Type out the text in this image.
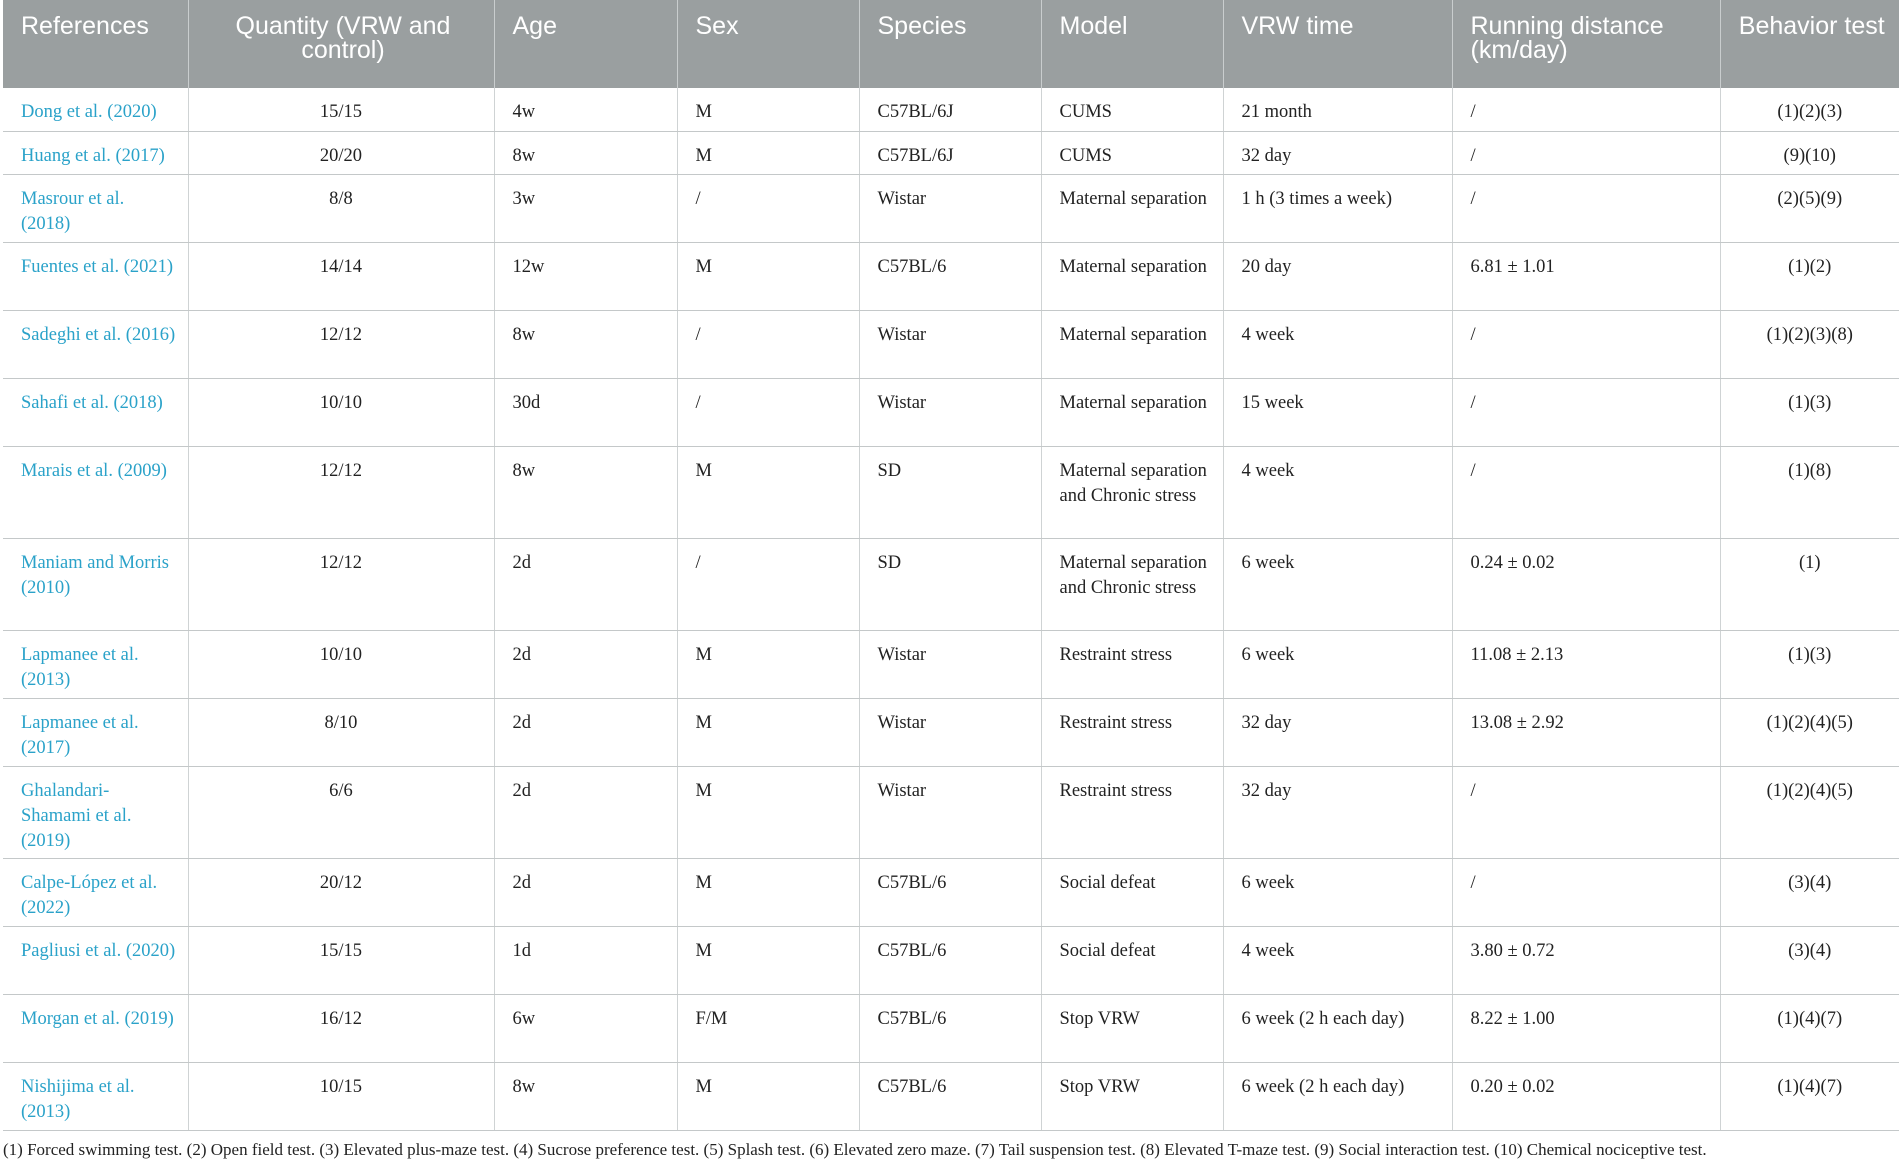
References	Quantity (VRW and control)	Age	Sex	Species	Model	VRW time	Running distance (km/day)	Behavior test
Dong et al. (2020)	15/15	4w	M	C57BL/6J	CUMS	21 month	/	(1)(2)(3)
Huang et al. (2017)	20/20	8w	M	C57BL/6J	CUMS	32 day	/	(9)(10)
Masrour et al. (2018)	8/8	3w	/	Wistar	Maternal separation	1 h (3 times a week)	/	(2)(5)(9)
Fuentes et al. (2021)	14/14	12w	M	C57BL/6	Maternal separation	20 day	6.81 ± 1.01	(1)(2)
Sadeghi et al. (2016)	12/12	8w	/	Wistar	Maternal separation	4 week	/	(1)(2)(3)(8)
Sahafi et al. (2018)	10/10	30d	/	Wistar	Maternal separation	15 week	/	(1)(3)
Marais et al. (2009)	12/12	8w	M	SD	Maternal separation and Chronic stress	4 week	/	(1)(8)
Maniam and Morris (2010)	12/12	2d	/	SD	Maternal separation and Chronic stress	6 week	0.24 ± 0.02	(1)
Lapmanee et al. (2013)	10/10	2d	M	Wistar	Restraint stress	6 week	11.08 ± 2.13	(1)(3)
Lapmanee et al. (2017)	8/10	2d	M	Wistar	Restraint stress	32 day	13.08 ± 2.92	(1)(2)(4)(5)
Ghalandari-Shamami et al. (2019)	6/6	2d	M	Wistar	Restraint stress	32 day	/	(1)(2)(4)(5)
Calpe-López et al. (2022)	20/12	2d	M	C57BL/6	Social defeat	6 week	/	(3)(4)
Pagliusi et al. (2020)	15/15	1d	M	C57BL/6	Social defeat	4 week	3.80 ± 0.72	(3)(4)
Morgan et al. (2019)	16/12	6w	F/M	C57BL/6	Stop VRW	6 week (2 h each day)	8.22 ± 1.00	(1)(4)(7)
Nishijima et al. (2013)	10/15	8w	M	C57BL/6	Stop VRW	6 week (2 h each day)	0.20 ± 0.02	(1)(4)(7)
(1) Forced swimming test. (2) Open field test. (3) Elevated plus-maze test. (4) Sucrose preference test. (5) Splash test. (6) Elevated zero maze. (7) Tail suspension test. (8) Elevated T-maze test. (9) Social interaction test. (10) Chemical nociceptive test.
